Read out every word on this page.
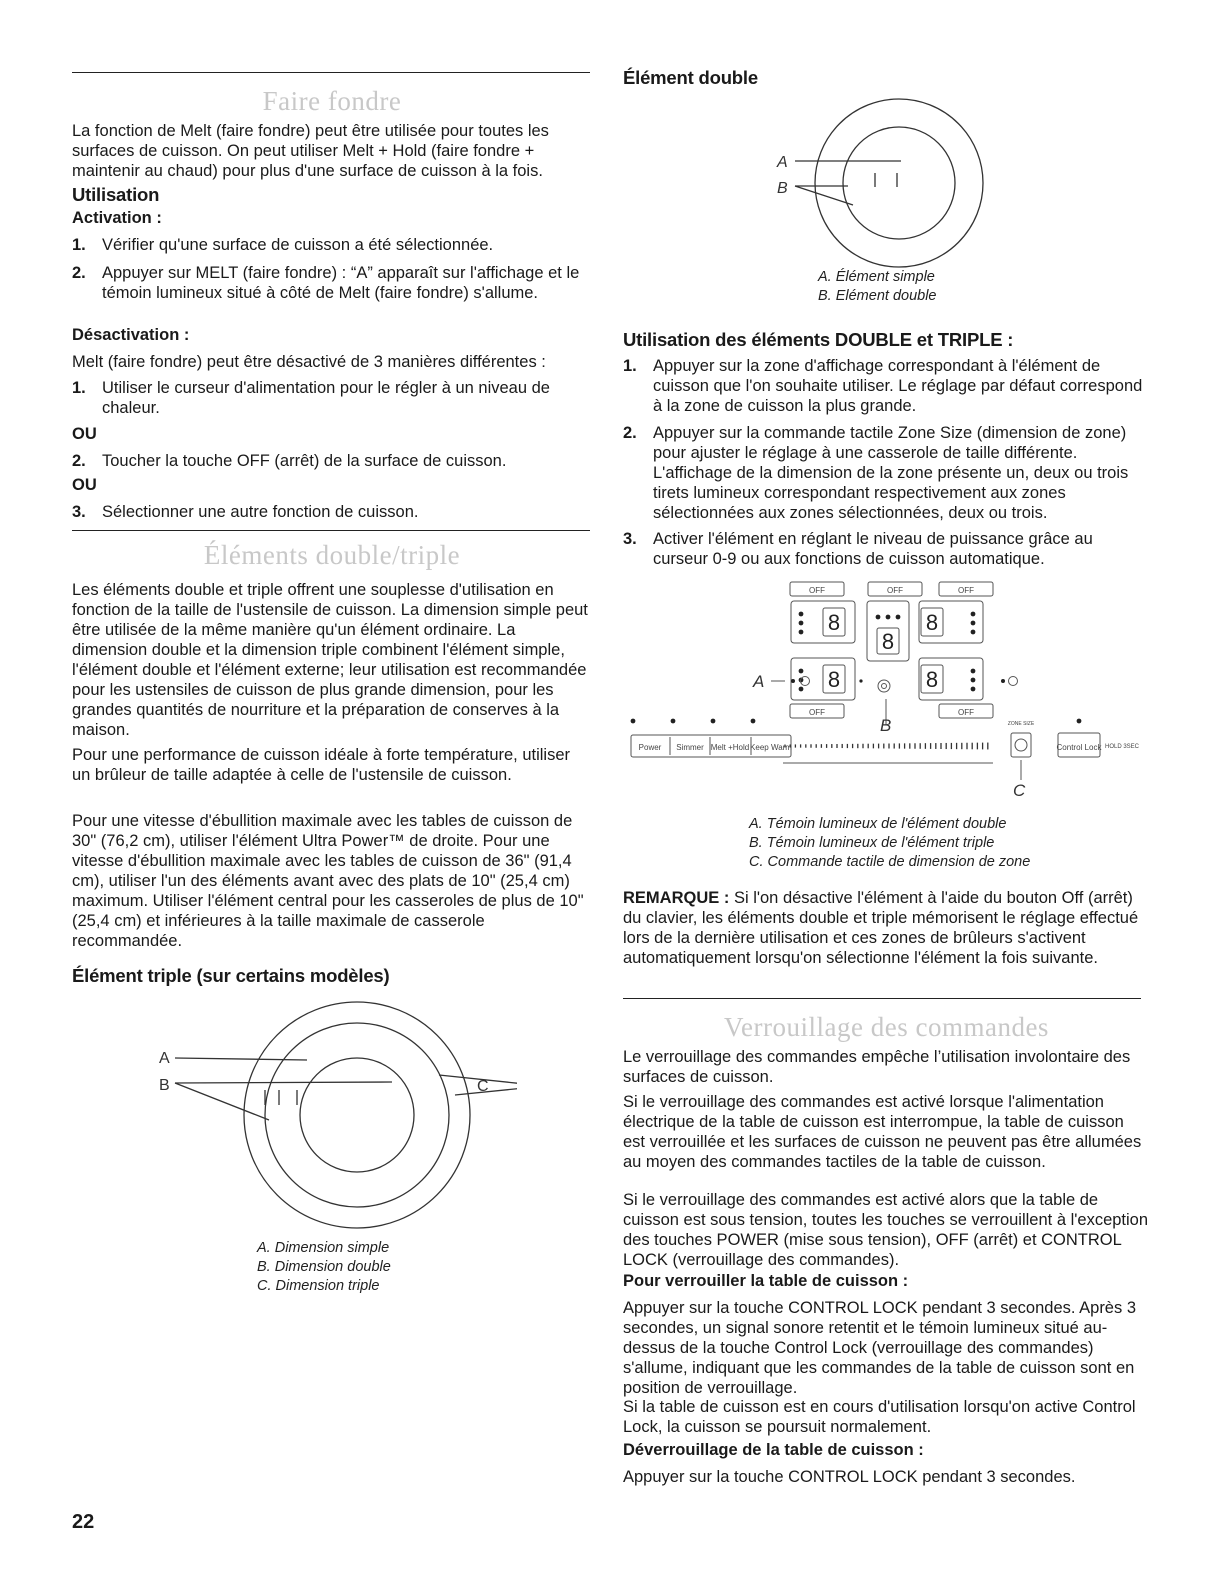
Faire fondre
La fonction de Melt (faire fondre) peut être utilisée pour toutes les surfaces de cuisson. On peut utiliser Melt + Hold (faire fondre + maintenir au chaud) pour plus d'une surface de cuisson à la fois.
Utilisation
Activation :
1. Vérifier qu'une surface de cuisson a été sélectionnée.
2. Appuyer sur MELT (faire fondre) : “A” apparaît sur l'affichage et le témoin lumineux situé à côté de Melt (faire fondre) s'allume.
Désactivation :
Melt (faire fondre) peut être désactivé de 3 manières différentes :
1. Utiliser le curseur d'alimentation pour le régler à un niveau de chaleur.
OU
2. Toucher la touche OFF (arrêt) de la surface de cuisson.
OU
3. Sélectionner une autre fonction de cuisson.
Éléments double/triple
Les éléments double et triple offrent une souplesse d'utilisation en fonction de la taille de l'ustensile de cuisson. La dimension simple peut être utilisée de la même manière qu'un élément ordinaire. La dimension double et la dimension triple combinent l'élément simple, l'élément double et l'élément externe; leur utilisation est recommandée pour les ustensiles de cuisson de plus grande dimension, pour les grandes quantités de nourriture et la préparation de conserves à la maison.
Pour une performance de cuisson idéale à forte température, utiliser un brûleur de taille adaptée à celle de l'ustensile de cuisson.
Pour une vitesse d'ébullition maximale avec les tables de cuisson de 30" (76,2 cm), utiliser l'élément Ultra Power™ de droite. Pour une vitesse d'ébullition maximale avec les tables de cuisson de 36" (91,4 cm), utiliser l'un des éléments avant avec des plats de 10" (25,4 cm) maximum. Utiliser l'élément central pour les casseroles de plus de 10" (25,4 cm) et inférieures à la taille maximale de casserole recommandée.
Élément triple (sur certains modèles)
A
B	C
A. Dimension simple
B. Dimension double
C. Dimension triple
Élément double
A
B
A. Élément simple
B. Elément double
Utilisation des éléments DOUBLE et TRIPLE :
1. Appuyer sur la zone d'affichage correspondant à l'élément de cuisson que l'on souhaite utiliser. Le réglage par défaut correspond à la zone de cuisson la plus grande.
2. Appuyer sur la commande tactile Zone Size (dimension de zone) pour ajuster le réglage à une casserole de taille différente. L'affichage de la dimension de la zone présente un, deux ou trois tirets lumineux correspondant respectivement aux zones sélectionnées aux zones sélectionnées, deux ou trois.
3. Activer l'élément en réglant le niveau de puissance grâce au curseur 0-9 ou aux fonctions de cuisson automatique.
OFF	OFF	OFF
OFF	OFF
Power Simmer Melt +Hold Keep Warm	Control Lock HOLD 3SEC
ZONE SIZE
8	8
8
8	8
A
B
C
A. Témoin lumineux de l'élément double
B. Témoin lumineux de l'élément triple
C. Commande tactile de dimension de zone
REMARQUE : Si l'on désactive l'élément à l'aide du bouton Off (arrêt) du clavier, les éléments double et triple mémorisent le réglage effectué lors de la dernière utilisation et ces zones de brûleurs s'activent automatiquement lorsqu'on sélectionne l'élément la fois suivante.
Verrouillage des commandes
Le verrouillage des commandes empêche l’utilisation involontaire des surfaces de cuisson.
Si le verrouillage des commandes est activé lorsque l'alimentation électrique de la table de cuisson est interrompue, la table de cuisson est verrouillée et les surfaces de cuisson ne peuvent pas être allumées au moyen des commandes tactiles de la table de cuisson.
Si le verrouillage des commandes est activé alors que la table de cuisson est sous tension, toutes les touches se verrouillent à l'exception des touches POWER (mise sous tension), OFF (arrêt) et CONTROL LOCK (verrouillage des commandes).
Pour verrouiller la table de cuisson :
Appuyer sur la touche CONTROL LOCK pendant 3 secondes. Après 3 secondes, un signal sonore retentit et le témoin lumineux situé au-dessus de la touche Control Lock (verrouillage des commandes) s'allume, indiquant que les commandes de la table de cuisson sont en position de verrouillage.
Si la table de cuisson est en cours d'utilisation lorsqu'on active Control Lock, la cuisson se poursuit normalement.
Déverrouillage de la table de cuisson :
Appuyer sur la touche CONTROL LOCK pendant 3 secondes.
22
